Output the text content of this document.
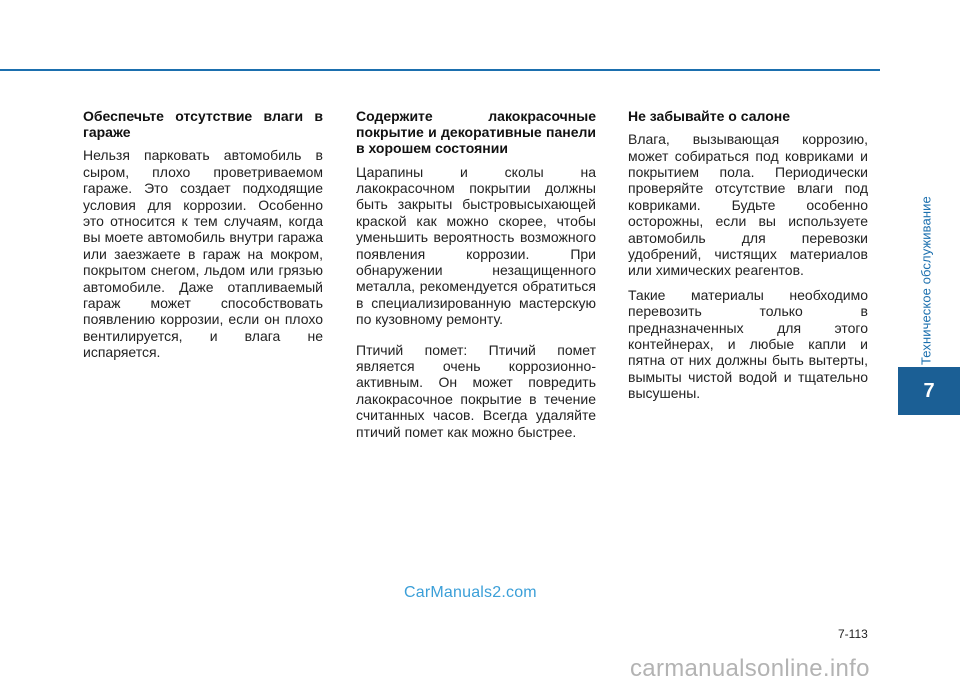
Техническое обслуживание
7
Обеспечьте отсутствие влаги в гараже

Нельзя парковать автомобиль в сыром, плохо проветриваемом гараже. Это создает подходящие условия для коррозии. Особенно это относится к тем случаям, когда вы моете автомобиль внутри гаража или заезжаете в гараж на мокром, покрытом снегом, льдом или грязью автомобиле. Даже отапливаемый гараж может способствовать появлению коррозии, если он плохо вентилируется, и влага не испаряется.

Содержите лакокрасочные покрытие и декоративные панели в хорошем состоянии

Царапины и сколы на лакокрасочном покрытии должны быть закрыты быстровысыхающей краской как можно скорее, чтобы уменьшить вероятность возможного появления коррозии. При обнаружении незащищенного металла, рекомендуется обратиться в специализированную мастерскую по кузовному ремонту.

Птичий помет: Птичий помет является очень коррозионно-активным. Он может повредить лакокрасочное покрытие в течение считанных часов. Всегда удаляйте птичий помет как можно быстрее.

Не забывайте о салоне

Влага, вызывающая коррозию, может собираться под ковриками и покрытием пола. Периодически проверяйте отсутствие влаги под ковриками. Будьте особенно осторожны, если вы используете автомобиль для перевозки удобрений, чистящих материалов или химических реагентов.

Такие материалы необходимо перевозить только в предназначенных для этого контейнерах, и любые капли и пятна от них должны быть вытерты, вымыты чистой водой и тщательно высушены.

CarManuals2.com
7-113
carmanualsonline.info
